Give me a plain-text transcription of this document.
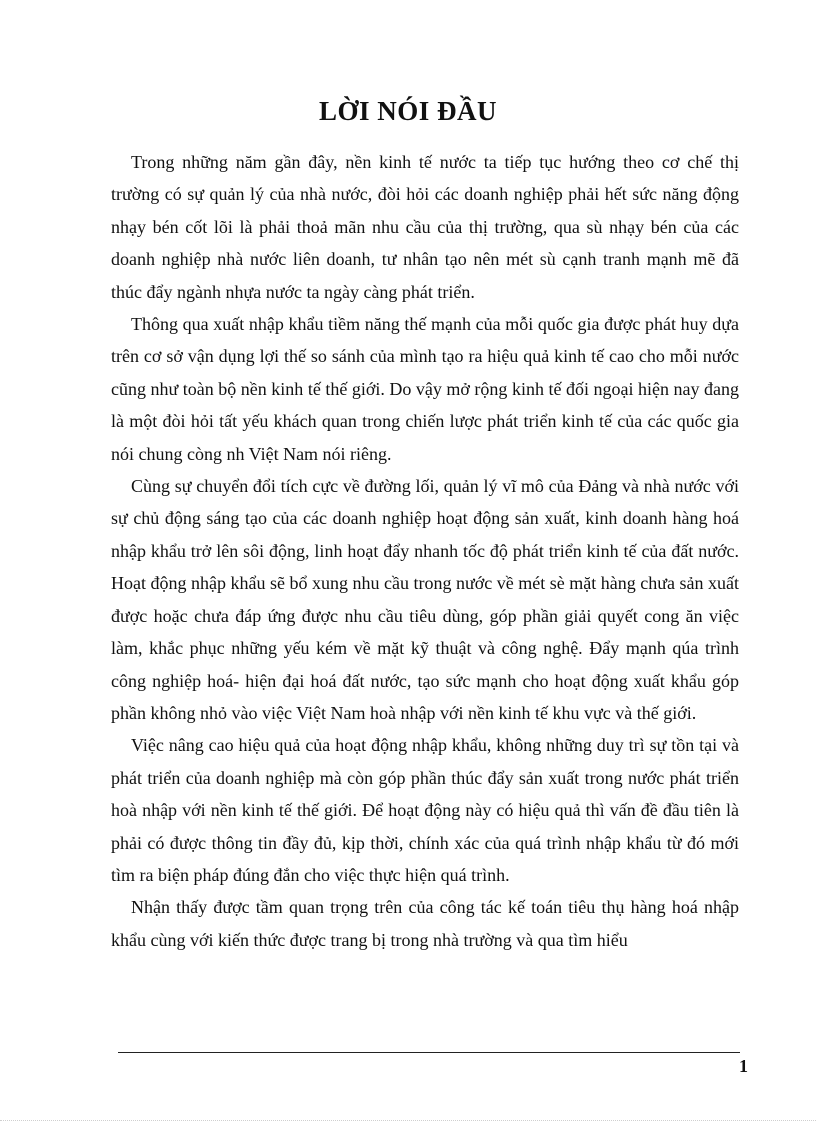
LỜI NÓI ĐẦU

Trong những năm gần đây, nền kinh tế nước ta tiếp tục hướng theo cơ chế thị trường có sự quản lý của nhà nước, đòi hỏi các doanh nghiệp phải hết sức năng động nhạy bén cốt lõi là phải thoả mãn nhu cầu của thị trường, qua sù nhạy bén của các doanh nghiệp nhà nước liên doanh, tư nhân tạo nên mét sù cạnh tranh mạnh mẽ đã thúc đẩy ngành nhựa nước ta ngày càng phát triển.

Thông qua xuất nhập khẩu tiềm năng thế mạnh của mỗi quốc gia được phát huy dựa trên cơ sở vận dụng lợi thế so sánh của mình tạo ra hiệu quả kinh tế cao cho mỗi nước cũng như toàn bộ nền kinh tế thế giới. Do vậy mở rộng kinh tế đối ngoại hiện nay đang là một đòi hỏi tất yếu khách quan trong chiến lược phát triển kinh tế của các quốc gia nói chung còng nh Việt Nam nói riêng.

Cùng sự chuyển đổi tích cực về đường lối, quản lý vĩ mô của Đảng và nhà nước với sự chủ động sáng tạo của các doanh nghiệp hoạt động sản xuất, kinh doanh hàng hoá nhập khẩu trở lên sôi động, linh hoạt đẩy nhanh tốc độ phát triển kinh tế của đất nước. Hoạt động nhập khẩu sẽ bổ xung nhu cầu trong nước về mét sè mặt hàng chưa sản xuất được hoặc chưa đáp ứng được nhu cầu tiêu dùng, góp phần giải quyết cong ăn việc làm, khắc phục những yếu kém về mặt kỹ thuật và công nghệ. Đẩy mạnh qúa trình công nghiệp hoá- hiện đại hoá đất nước, tạo sức mạnh cho hoạt động xuất khẩu góp phần không nhỏ vào việc Việt Nam hoà nhập với nền kinh tế khu vực và thế giới.

Việc nâng cao hiệu quả của hoạt động nhập khẩu, không những duy trì sự tồn tại và phát triển của doanh nghiệp mà còn góp phần thúc đẩy sản xuất trong nước phát triển hoà nhập với nền kinh tế thế giới. Để hoạt động này có hiệu quả thì vấn đề đầu tiên là phải có được thông tin đầy đủ, kịp thời, chính xác của quá trình nhập khẩu từ đó mới tìm ra biện pháp đúng đắn cho việc thực hiện quá trình.

Nhận thấy được tầm quan trọng trên của công tác kế toán tiêu thụ hàng hoá nhập khẩu cùng với kiến thức được trang bị trong nhà trường và qua tìm hiểu

1
